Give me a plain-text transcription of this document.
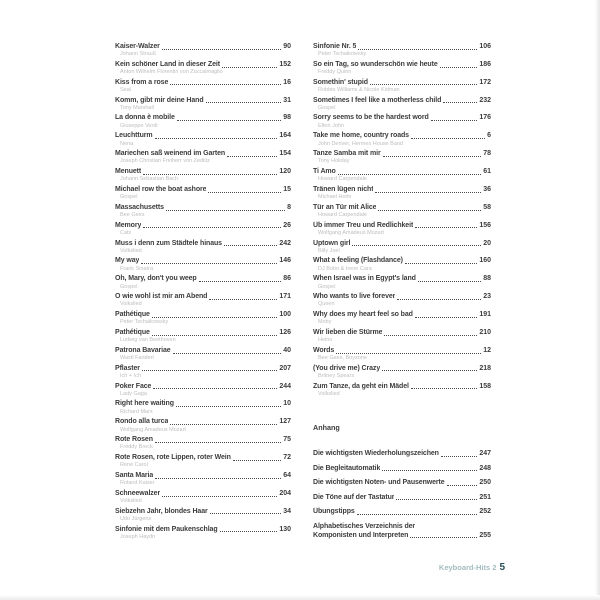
Kaiser-Walzer	90
Johann Strauß
Kein schöner Land in dieser Zeit	152
Anton Wilhelm Florentin von Zuccalmaglio
Kiss from a rose	16
Seal
Komm, gibt mir deine Hand	31
Tony Marshall
La donna è mobile	98
Giuseppe Verdi
Leuchtturm	164
Nena
Mariechen saß weinend im Garten	154
Joseph Christian Freiherr von Zedlitz
Menuett	120
Johann Sebastian Bach
Michael row the boat ashore	15
Gospel
Massachusetts	8
Bee Gees
Memory	26
Cats
Muss i denn zum Städtele hinaus	242
Volkslied
My way	146
Frank Sinatra
Oh, Mary, don't you weep	86
Gospel
O wie wohl ist mir am Abend	171
Volkslied
Pathétique	100
Peter Tschaikowsky
Pathétique	126
Ludwig van Beethoven
Patrona Bavariae	40
Wastl Fanderl
Pflaster	207
Ich + Ich
Poker Face	244
Lady Gaga
Right here waiting	10
Richard Marx
Rondo alla turca	127
Wolfgang Amadeus Mozart
Rote Rosen	75
Freddy Breck
Rote Rosen, rote Lippen, roter Wein	72
René Carol
Santa Maria	64
Roland Kaiser
Schneewalzer	204
Volkslied
Siebzehn Jahr, blondes Haar	34
Udo Jürgens
Sinfonie mit dem Paukenschlag	130
Joseph Haydn
Sinfonie Nr. 5	106
Peter Tschaikowsky
So ein Tag, so wunderschön wie heute	186
Freddy Quinn
Somethin' stupid	172
Robbie Williams & Nicole Kidman
Sometimes I feel like a motherless child	232
Gospel
Sorry seems to be the hardest word	176
Elton John
Take me home, country roads	6
John Denver, Hermes House Band
Tanze Samba mit mir	78
Tony Holiday
Ti Amo	61
Howard Carpendale
Tränen lügen nicht	36
Michael Holm
Tür an Tür mit Alice	58
Howard Carpendale
Üb immer Treu und Redlichkeit	156
Wolfgang Amadeus Mozart
Uptown girl	20
Billy Joel
What a feeling (Flashdance)	160
DJ Bobo & Irene Cara
When Israel was in Egypt's land	88
Gospel
Who wants to live forever	23
Queen
Why does my heart feel so bad	191
Moby
Wir lieben die Stürme	210
Heino
Words	12
Bee Gees, Boyzone
(You drive me) Crazy	218
Britney Spears
Zum Tanze, da geht ein Mädel	158
Volkslied
Anhang
Die wichtigsten Wiederholungszeichen	247
Die Begleitautomatik	248
Die wichtigsten Noten- und Pausenwerte	250
Die Töne auf der Tastatur	251
Übungstipps	252
Alphabetisches Verzeichnis der
Komponisten und Interpreten	255
Keyboard-Hits 2 5
